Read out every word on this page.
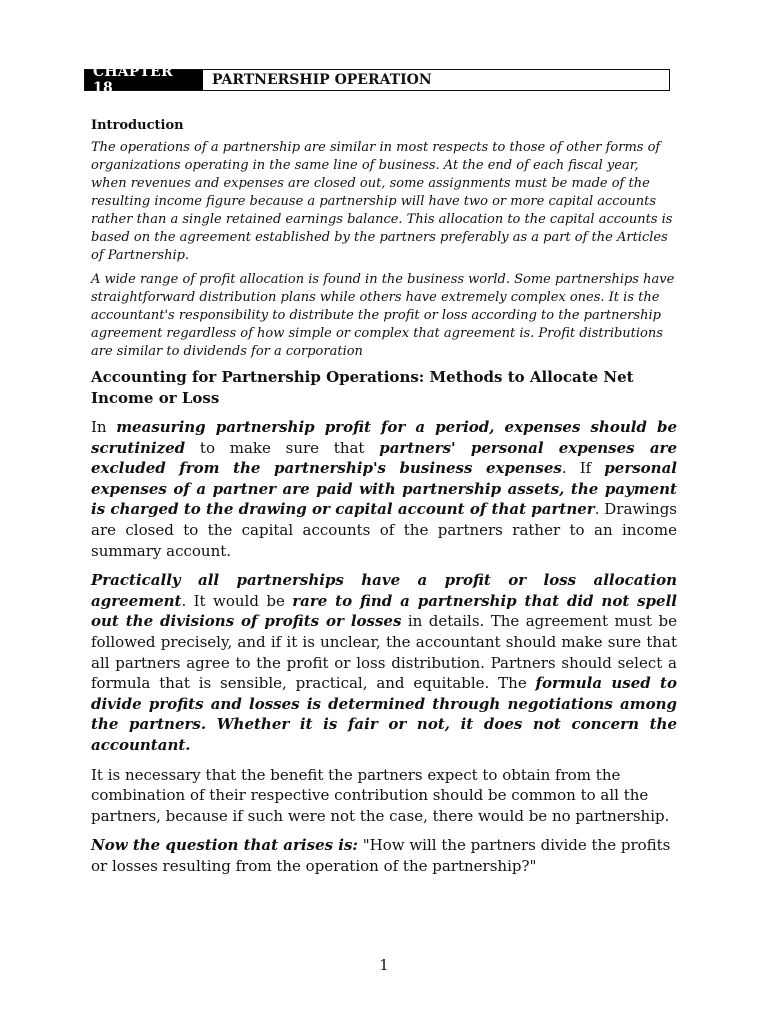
CHAPTER 18	PARTNERSHIP OPERATION
Introduction

The operations of a partnership are similar in most respects to those of other forms of organizations operating in the same line of business. At the end of each fiscal year, when revenues and expenses are closed out, some assignments must be made of the resulting income figure because a partnership will have two or more capital accounts rather than a single retained earnings balance. This allocation to the capital accounts is based on the agreement established by the partners preferably as a part of the Articles of Partnership.

A wide range of profit allocation is found in the business world. Some partnerships have straightforward distribution plans while others have extremely complex ones. It is the accountant's responsibility to distribute the profit or loss according to the partnership agreement regardless of how simple or complex that agreement is. Profit distributions are similar to dividends for a corporation

Accounting for Partnership Operations: Methods to Allocate Net Income or Loss

In measuring partnership profit for a period, expenses should be scrutinized to make sure that partners' personal expenses are excluded from the partnership's business expenses. If personal expenses of a partner are paid with partnership assets, the payment is charged to the drawing or capital account of that partner. Drawings are closed to the capital accounts of the partners rather to an income summary account.

Practically all partnerships have a profit or loss allocation agreement. It would be rare to find a partnership that did not spell out the divisions of profits or losses in details. The agreement must be followed precisely, and if it is unclear, the accountant should make sure that all partners agree to the profit or loss distribution. Partners should select a formula that is sensible, practical, and equitable. The formula used to divide profits and losses is determined through negotiations among the partners. Whether it is fair or not, it does not concern the accountant.

It is necessary that the benefit the partners expect to obtain from the combination of their respective contribution should be common to all the partners, because if such were not the case, there would be no partnership.

Now the question that arises is: "How will the partners divide the profits or losses resulting from the operation of the partnership?"

1
